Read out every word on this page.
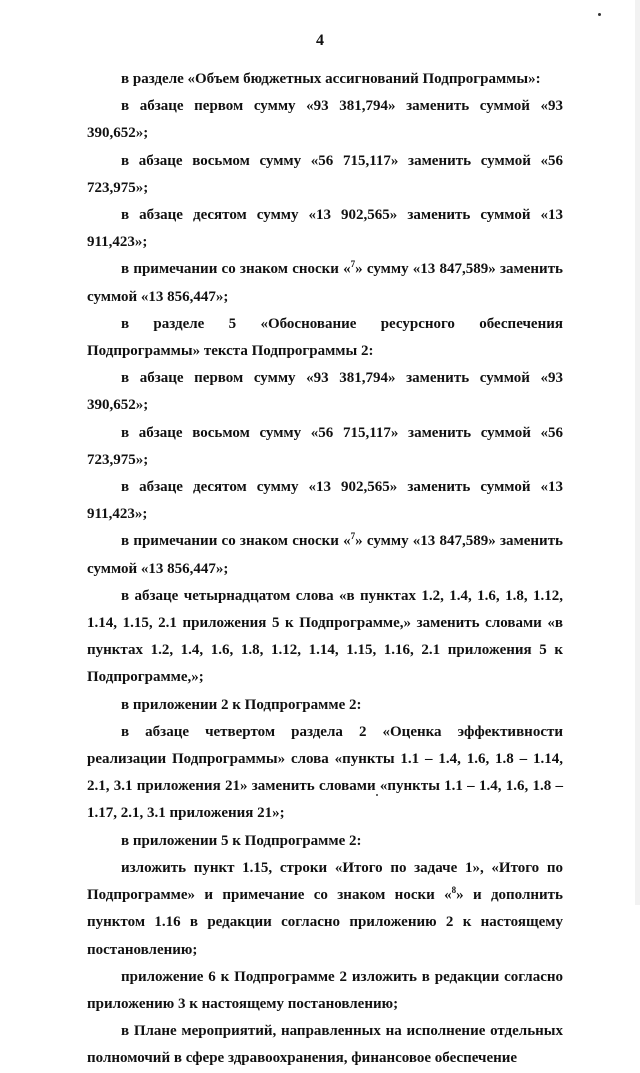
4

в разделе «Объем бюджетных ассигнований Подпрограммы»:

в абзаце первом сумму «93 381,794» заменить суммой «93 390,652»;

в абзаце восьмом сумму «56 715,117» заменить суммой «56 723,975»;

в абзаце десятом сумму «13 902,565» заменить суммой «13 911,423»;

в примечании со знаком сноски «$^7$» сумму «13 847,589» заменить суммой «13 856,447»;

в разделе 5 «Обоснование ресурсного обеспечения Подпрограммы» текста Подпрограммы 2:

в абзаце первом сумму «93 381,794» заменить суммой «93 390,652»;

в абзаце восьмом сумму «56 715,117» заменить суммой «56 723,975»;

в абзаце десятом сумму «13 902,565» заменить суммой «13 911,423»;

в примечании со знаком сноски «$^7$» сумму «13 847,589» заменить суммой «13 856,447»;

в абзаце четырнадцатом слова «в пунктах 1.2, 1.4, 1.6, 1.8, 1.12, 1.14, 1.15, 2.1 приложения 5 к Подпрограмме,» заменить словами «в пунктах 1.2, 1.4, 1.6, 1.8, 1.12, 1.14, 1.15, 1.16, 2.1 приложения 5 к Подпрограмме,»;

в приложении 2 к Подпрограмме 2:

в абзаце четвертом раздела 2 «Оценка эффективности реализации Подпрограммы» слова «пункты 1.1 – 1.4, 1.6, 1.8 – 1.14, 2.1, 3.1 приложения 21» заменить словами «пункты 1.1 – 1.4, 1.6, 1.8 – 1.17, 2.1, 3.1 приложения 21»;

в приложении 5 к Подпрограмме 2:

изложить пункт 1.15, строки «Итого по задаче 1», «Итого по Подпрограмме» и примечание со знаком носки «$^8$» и дополнить пунктом 1.16 в редакции согласно приложению 2 к настоящему постановлению;

приложение 6 к Подпрограмме 2 изложить в редакции согласно приложению 3 к настоящему постановлению;

в Плане мероприятий, направленных на исполнение отдельных полномочий в сфере здравоохранения, финансовое обеспечение
